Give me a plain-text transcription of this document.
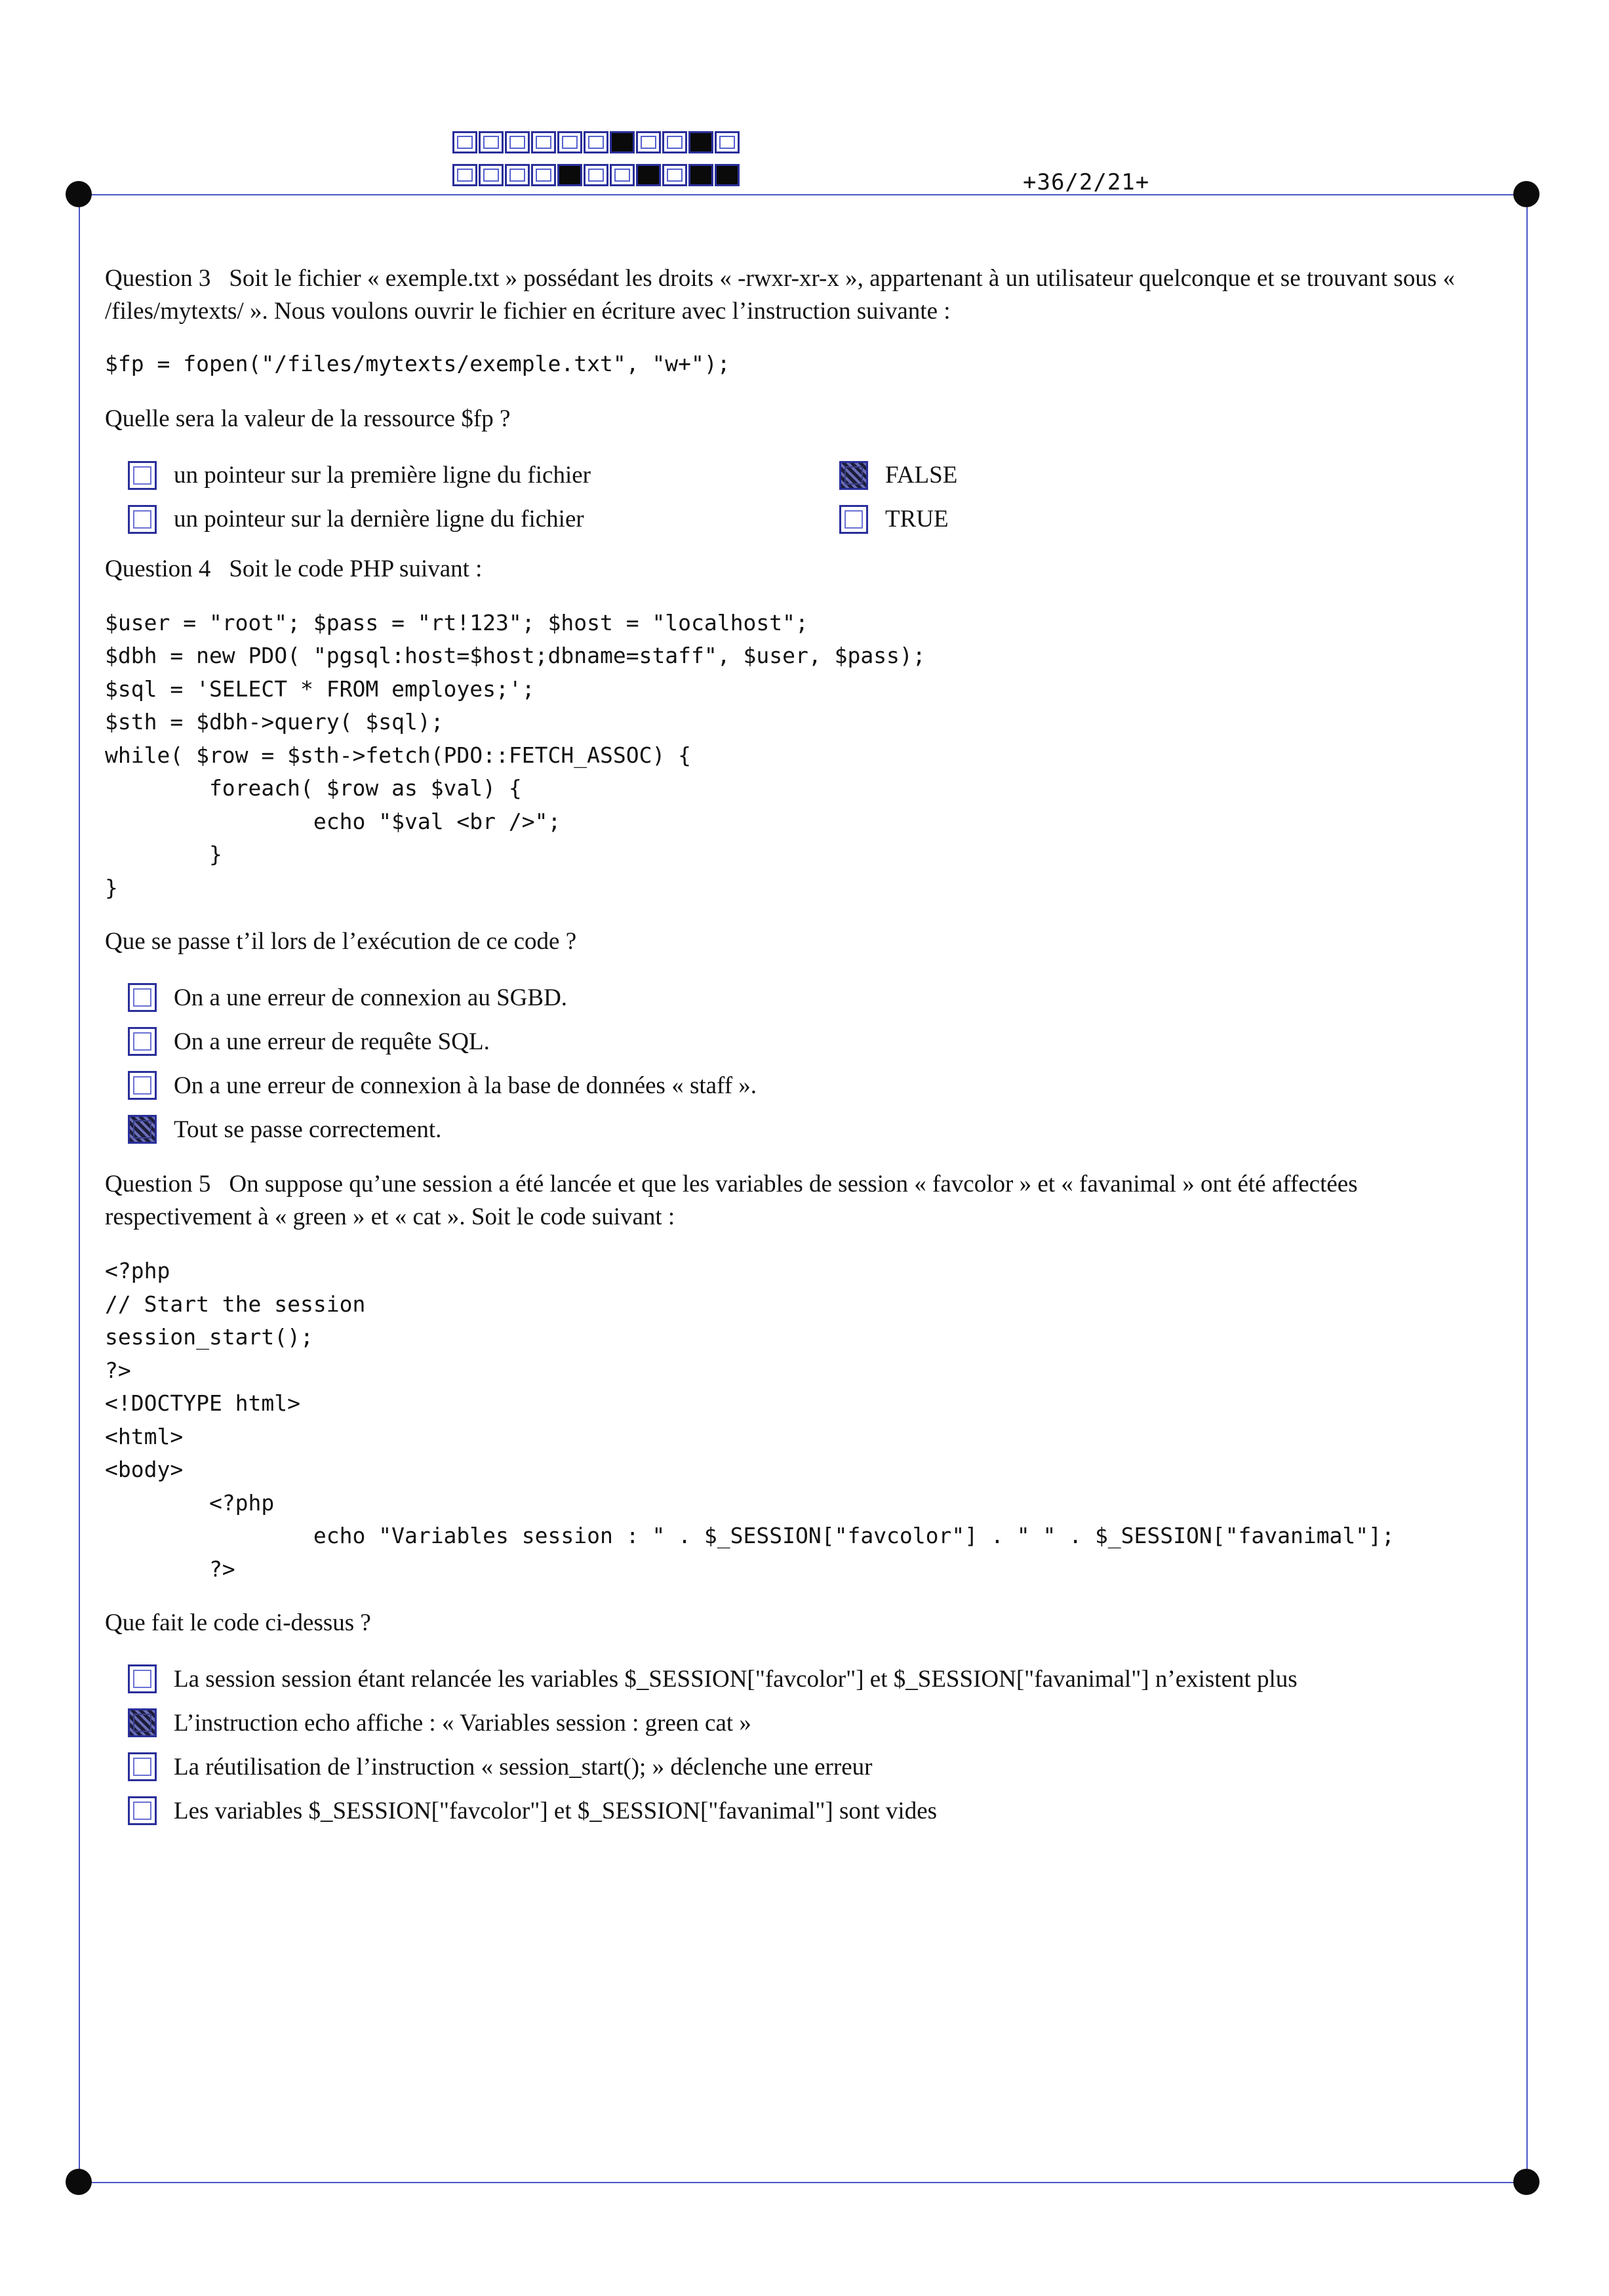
+36/2/21+

Question 3 Soit le fichier « exemple.txt » possédant les droits « -rwxr-xr-x », appartenant à un utilisateur quelconque et se trouvant sous « /files/mytexts/ ». Nous voulons ouvrir le fichier en écriture avec l’instruction suivante :

$fp = fopen("/files/mytexts/exemple.txt", "w+");

Quelle sera la valeur de la ressource $fp ?

un pointeur sur la première ligne du fichier
un pointeur sur la dernière ligne du fichier
FALSE
TRUE

Question 4 Soit le code PHP suivant :

$user = "root"; $pass = "rt!123"; $host = "localhost";
$dbh = new PDO( "pgsql:host=$host;dbname=staff", $user, $pass);
$sql = 'SELECT * FROM employes;';
$sth = $dbh->query( $sql);
while( $row = $sth->fetch(PDO::FETCH_ASSOC) {
foreach( $row as $val) {
echo "$val <br />";
}
}

Que se passe t’il lors de l’exécution de ce code ?

On a une erreur de connexion au SGBD.
On a une erreur de requête SQL.
On a une erreur de connexion à la base de données « staff ».
Tout se passe correctement.

Question 5 On suppose qu’une session a été lancée et que les variables de session « favcolor » et « favanimal » ont été affectées respectivement à « green » et « cat ». Soit le code suivant :

<?php
// Start the session
session_start();
?>
<!DOCTYPE html>
<html>
<body>
<?php
echo "Variables session : " . $_SESSION["favcolor"] . " " . $_SESSION["favanimal"];
?>

Que fait le code ci-dessus ?

La session session étant relancée les variables $_SESSION["favcolor"] et $_SESSION["favanimal"] n’existent plus
L’instruction echo affiche : « Variables session : green cat »
La réutilisation de l’instruction « session_start(); » déclenche une erreur
Les variables $_SESSION["favcolor"] et $_SESSION["favanimal"] sont vides
